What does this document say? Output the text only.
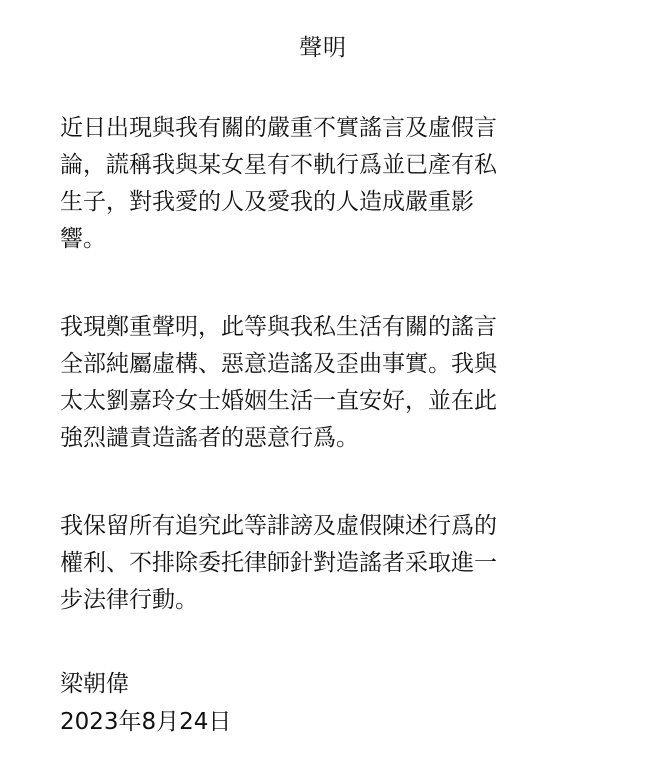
聲明

近日出現與我有關的嚴重不實謠言及虛假言
論，謊稱我與某女星有不軌行爲並已產有私
生子，對我愛的人及愛我的人造成嚴重影
響。

我現鄭重聲明，此等與我私生活有關的謠言
全部純屬虛構、惡意造謠及歪曲事實。我與
太太劉嘉玲女士婚姻生活一直安好，並在此
強烈譴責造謠者的惡意行爲。

我保留所有追究此等誹謗及虛假陳述行爲的
權利、不排除委托律師針對造謠者采取進一
步法律行動。

梁朝偉
2023年8月24日
